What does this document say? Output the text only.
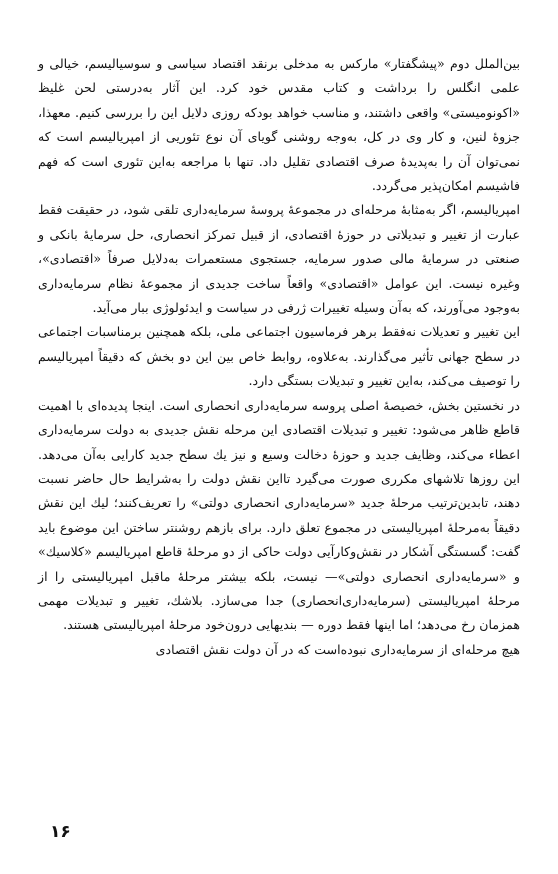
بین‌الملل دوم «پیشگفتار» مارکس به مدخلی برنقد اقتصاد سیاسی و سوسیالیسم، خیالی و علمی انگلس را برداشت و کتاب مقدس خود کرد. این آثار به‌درستی لحن غلیظ «اکونومیستی» واقعی داشتند، و مناسب خواهد بودکه روزی دلایل این را بررسی کنیم. معهذا، جزوهٔ لنین، و کار وی در کل، به‌وجه روشنی گویای آن نوع تئوریی از امپریالیسم است که نمی‌توان آن را به‌پدیدهٔ صرف اقتصادی تقلیل داد. تنها با مراجعه به‌این تئوری است که فهم فاشیسم امکان‌پذیر می‌گردد.

امپریالیسم، اگر به‌مثابهٔ مرحله‌ای در مجموعهٔ پروسهٔ سرمایه‌داری تلقی شود، در حقیقت فقط عبارت از تغییر و تبدیلاتی در حوزهٔ اقتصادی، از قبیل تمرکز انحصاری، حل سرمایهٔ بانکی و صنعتی در سرمایهٔ مالی صدور سرمایه، جستجوی مستعمرات به‌دلایل صرفاً «اقتصادی»، وغیره نیست. این عوامل «اقتصادی» واقعاً ساخت جدیدی از مجموعهٔ نظام سرمایه‌داری به‌وجود می‌آورند، که به‌آن وسیله تغییرات ژرفی در سیاست و ایدئولوژی ببار می‌آید.

این تغییر و تعدیلات نه‌فقط برهر فرماسیون اجتماعی ملی، بلکه همچنین برمناسبات اجتماعی در سطح جهانی تأثیر می‌گذارند. به‌علاوه، روابط خاص بین این دو بخش که دقیقاً امپریالیسم را توصیف می‌کند، به‌این تغییر و تبدیلات بستگی دارد.

در نخستین بخش، خصیصهٔ اصلی پروسه سرمایه‌داری انحصاری است. اینجا پدیده‌ای با اهمیت قاطع ظاهر می‌شود: تغییر و تبدیلات اقتصادی این مرحله نقش جدیدی به دولت سرمایه‌داری اعطاء می‌کند، وظایف جدید و حوزهٔ دخالت وسیع و نیز یك سطح جدید کارایی به‌آن می‌دهد. این روزها تلاشهای مکرری صورت می‌گیرد تااین نقش دولت را به‌شرایط حال حاضر نسبت دهند، تابدین‌ترتیب مرحلهٔ جدید «سرمایه‌داری انحصاری دولتی» را تعریف‌کنند؛ لیك این نقش دقیقاً به‌مرحلهٔ امپریالیستی در مجموع تعلق دارد. برای بازهم روشنتر ساختن این موضوع باید گفت: گسستگی آشکار در نقش‌وکارآیی دولت حاکی از دو مرحلهٔ قاطع امپریالیسم «کلاسیك» و «سرمایه‌داری انحصاری دولتی»— نیست، بلکه بیشتر مرحلهٔ ماقبل امپریالیستی را از مرحلهٔ امپریالیستی (سرمایه‌داری‌انحصاری) جدا می‌سازد. بلاشك، تغییر و تبدیلات مهمی همزمان رخ می‌دهد؛ اما اینها فقط دوره — بندیهایی درون‌خود مرحلهٔ امپریالیستی هستند.

هیچ مرحله‌ای از سرمایه‌داری نبوده‌است که در آن دولت نقش اقتصادی

۱۶
